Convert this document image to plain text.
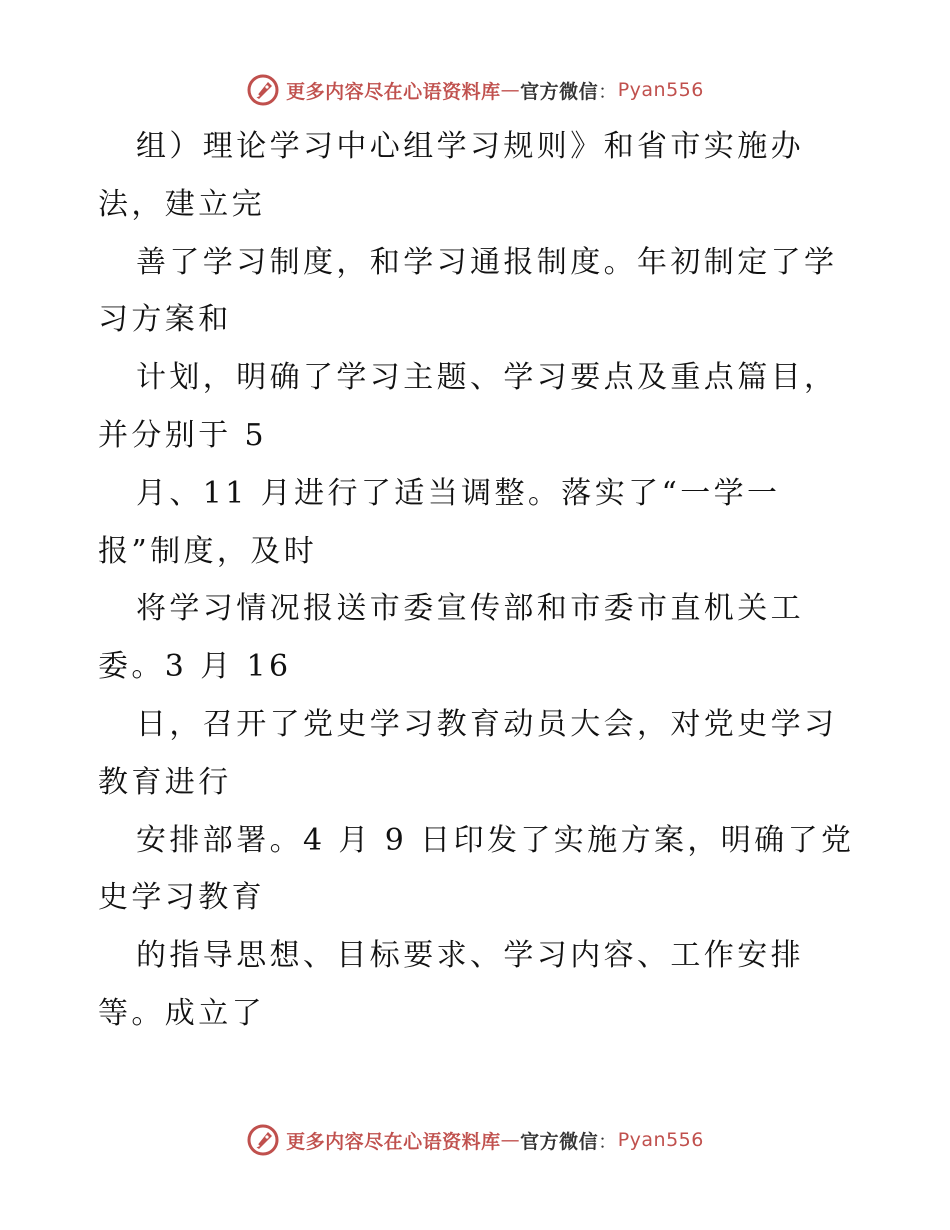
更多内容尽在心语资料库 — 官方微信 ： Pyan556
组）理论学习中心组学习规则》和省市实施办
法，建立完
善了学习制度，和学习通报制度。年初制定了学
习方案和
计划，明确了学习主题、学习要点及重点篇目，
并分别于 5
月、11 月进行了适当调整。落实了“一学一
报”制度，及时
将学习情况报送市委宣传部和市委市直机关工
委。3 月 16
日，召开了党史学习教育动员大会，对党史学习
教育进行
安排部署。4 月 9 日印发了实施方案，明确了党
史学习教育
的指导思想、目标要求、学习内容、工作安排
等。成立了
更多内容尽在心语资料库 — 官方微信 ： Pyan556
